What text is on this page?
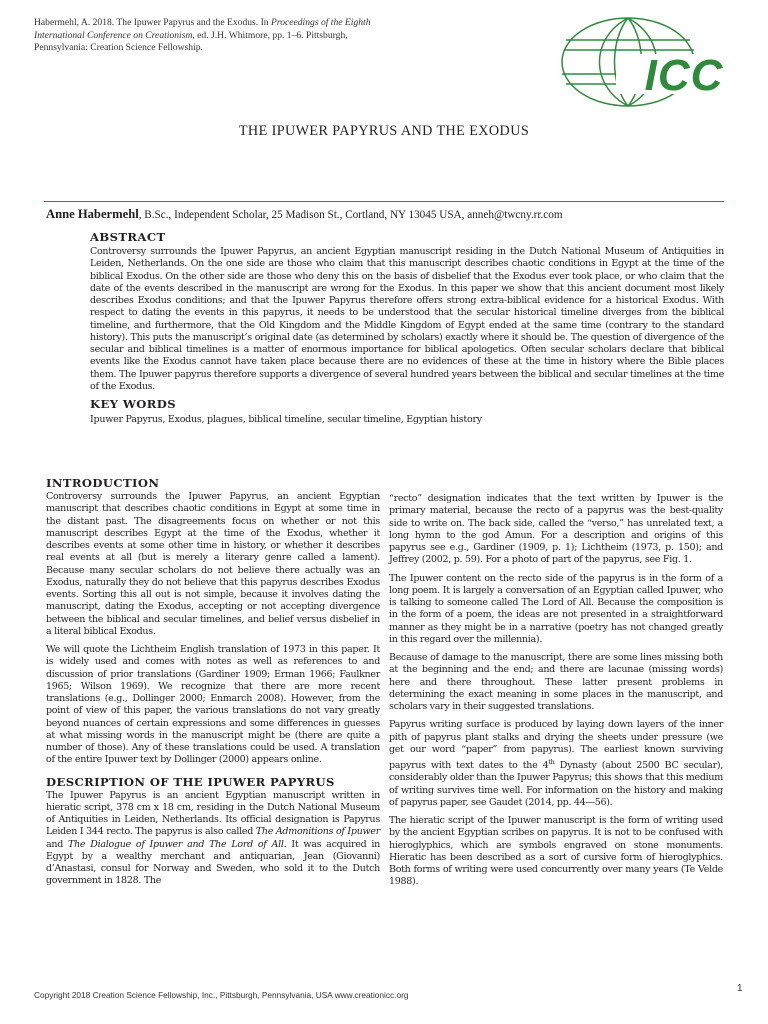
Habermehl, A. 2018. The Ipuwer Papyrus and the Exodus. In Proceedings of the Eighth
International Conference on Creationism, ed. J.H. Whitmore, pp. 1–6. Pittsburgh,
Pennsylvania: Creation Science Fellowship.
ICC
THE IPUWER PAPYRUS AND THE EXODUS
Anne Habermehl, B.Sc., Independent Scholar, 25 Madison St., Cortland, NY 13045 USA, anneh@twcny.rr.com
ABSTRACT

Controversy surrounds the Ipuwer Papyrus, an ancient Egyptian manuscript residing in the Dutch National Museum of Antiquities in Leiden, Netherlands. On the one side are those who claim that this manuscript describes chaotic conditions in Egypt at the time of the biblical Exodus. On the other side are those who deny this on the basis of disbelief that the Exodus ever took place, or who claim that the date of the events described in the manuscript are wrong for the Exodus. In this paper we show that this ancient document most likely describes Exodus conditions; and that the Ipuwer Papyrus therefore offers strong extra-biblical evidence for a historical Exodus. With respect to dating the events in this papyrus, it needs to be understood that the secular historical timeline diverges from the biblical timeline, and furthermore, that the Old Kingdom and the Middle Kingdom of Egypt ended at the same time (contrary to the standard history). This puts the manuscript’s original date (as determined by scholars) exactly where it should be. The question of divergence of the secular and biblical timelines is a matter of enormous importance for biblical apologetics. Often secular scholars declare that biblical events like the Exodus cannot have taken place because there are no evidences of these at the time in history where the Bible places them. The Ipuwer papyrus therefore supports a divergence of several hundred years between the biblical and secular timelines at the time of the Exodus.

KEY WORDS

Ipuwer Papyrus, Exodus, plagues, biblical timeline, secular timeline, Egyptian history

INTRODUCTION

Controversy surrounds the Ipuwer Papyrus, an ancient Egyptian manuscript that describes chaotic conditions in Egypt at some time in the distant past. The disagreements focus on whether or not this manuscript describes Egypt at the time of the Exodus, whether it describes events at some other time in history, or whether it describes real events at all (but is merely a literary genre called a lament). Because many secular scholars do not believe there actually was an Exodus, naturally they do not believe that this papyrus describes Exodus events. Sorting this all out is not simple, because it involves dating the manuscript, dating the Exodus, accepting or not accepting divergence between the biblical and secular timelines, and belief versus disbelief in a literal biblical Exodus.

We will quote the Lichtheim English translation of 1973 in this paper. It is widely used and comes with notes as well as references to and discussion of prior translations (Gardiner 1909; Erman 1966; Faulkner 1965; Wilson 1969). We recognize that there are more recent translations (e.g., Dollinger 2000; Enmarch 2008). However, from the point of view of this paper, the various translations do not vary greatly beyond nuances of certain expressions and some differences in guesses at what missing words in the manuscript might be (there are quite a number of those). Any of these translations could be used. A translation of the entire Ipuwer text by Dollinger (2000) appears online.

DESCRIPTION OF THE IPUWER PAPYRUS

The Ipuwer Papyrus is an ancient Egyptian manuscript written in hieratic script, 378 cm x 18 cm, residing in the Dutch National Museum of Antiquities in Leiden, Netherlands. Its official designation is Papyrus Leiden I 344 recto. The papyrus is also called The Admonitions of Ipuwer and The Dialogue of Ipuwer and The Lord of All. It was acquired in Egypt by a wealthy merchant and antiquarian, Jean (Giovanni) d’Anastasi, consul for Norway and Sweden, who sold it to the Dutch government in 1828. The

“recto” designation indicates that the text written by Ipuwer is the primary material, because the recto of a papyrus was the best-quality side to write on. The back side, called the “verso,” has unrelated text, a long hymn to the god Amun. For a description and origins of this papyrus see e.g., Gardiner (1909, p. 1); Lichtheim (1973, p. 150); and Jeffrey (2002, p. 59). For a photo of part of the papyrus, see Fig. 1.

The Ipuwer content on the recto side of the papyrus is in the form of a long poem. It is largely a conversation of an Egyptian called Ipuwer, who is talking to someone called The Lord of All. Because the composition is in the form of a poem, the ideas are not presented in a straightforward manner as they might be in a narrative (poetry has not changed greatly in this regard over the millennia).

Because of damage to the manuscript, there are some lines missing both at the beginning and the end; and there are lacunae (missing words) here and there throughout. These latter present problems in determining the exact meaning in some places in the manuscript, and scholars vary in their suggested translations.

Papyrus writing surface is produced by laying down layers of the inner pith of papyrus plant stalks and drying the sheets under pressure (we get our word “paper” from papyrus). The earliest known surviving papyrus with text dates to the 4th Dynasty (about 2500 BC secular), considerably older than the Ipuwer Papyrus; this shows that this medium of writing survives time well. For information on the history and making of papyrus paper, see Gaudet (2014, pp. 44—56).

The hieratic script of the Ipuwer manuscript is the form of writing used by the ancient Egyptian scribes on papyrus. It is not to be confused with hieroglyphics, which are symbols engraved on stone monuments. Hieratic has been described as a sort of cursive form of hieroglyphics. Both forms of writing were used concurrently over many years (Te Velde 1988).

Copyright 2018 Creation Science Fellowship, Inc., Pittsburgh, Pennsylvania, USA www.creationicc.org
1
